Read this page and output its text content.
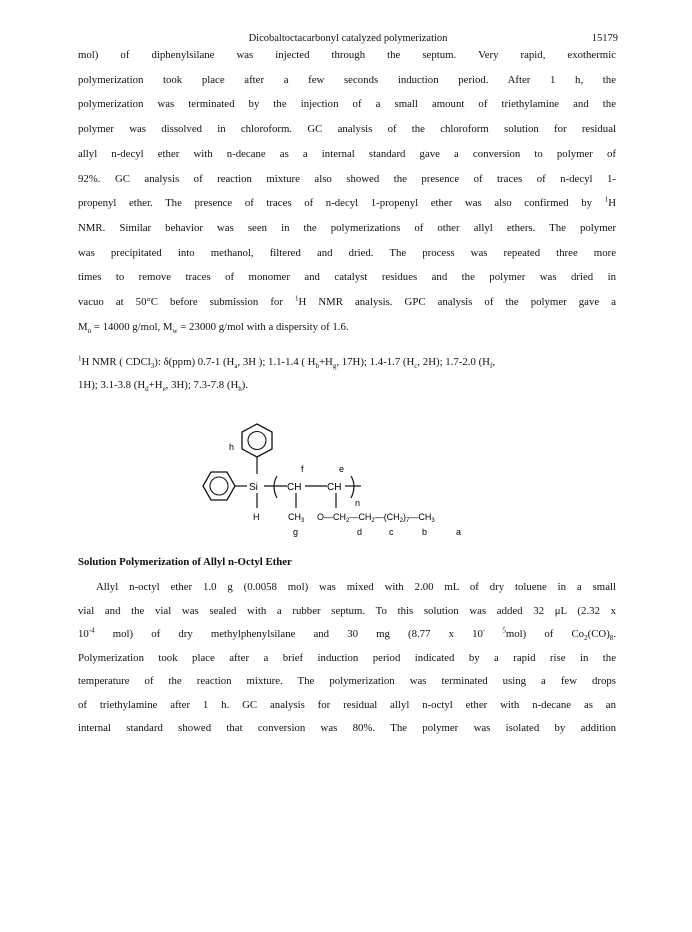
Dicobaltoctacarbonyl catalyzed polymerization	15179

mol) of diphenylsilane was injected through the septum. Very rapid, exothermic

polymerization took place after a few seconds induction period. After 1 h, the

polymerization was terminated by the injection of a small amount of triethylamine and the

polymer was dissolved in chloroform. GC analysis of the chloroform solution for residual

allyl n-decyl ether with n-decane as a internal standard gave a conversion to polymer of

92%. GC analysis of reaction mixture also showed the presence of traces of n-decyl 1-

propenyl ether. The presence of traces of n-decyl 1-propenyl ether was also confirmed by $^1$H

NMR. Similar behavior was seen in the polymerizations of other allyl ethers. The polymer

was precipitated into methanol, filtered and dried. The process was repeated three more

times to remove traces of monomer and catalyst residues and the polymer was dried in

vacuo at 50°C before submission for $^1$H NMR analysis. GPC analysis of the polymer gave a

$M_n = 14000$ g/mol, $M_w = 23000$ g/mol with a dispersity of 1.6.

$^1$H NMR ( CDCl$_3$): δ(ppm) 0.7-1 ($H_a$, 3H ); 1.1-1.4 ( $H_b+H_g$, 17H); 1.4-1.7 ($H_c$, 2H); 1.7-2.0 ($H_f$,
1H); 3.1-3.8 ($H_d+H_e$, 3H); 7.3-7.8 $(H_h)$.
h
Si
f
CH
e
CH
n
H	$CH_3$ $O—CH_2—CH_2—(CH_2)_7—CH_3$
g	d	c	b	a
Solution Polymerization of Allyl n-Octyl Ether

Allyl n-octyl ether 1.0 g (0.0058 mol) was mixed with 2.00 mL of dry toluene in a small

vial and the vial was sealed with a rubber septum. To this solution was added 32 μL (2.32 x

$10^{-4}$ mol) of dry methylphenylsilane and 30 mg (8.77 x $10^{- 5}mol$) of $Co_2(CO)_8$.

Polymerization took place after a brief induction period indicated by a rapid rise in the

temperature of the reaction mixture. The polymerization was terminated using a few drops

of triethylamine after 1 h. GC analysis for residual allyl n-octyl ether with n-decane as an

internal standard showed that conversion was 80%. The polymer was isolated by addition
